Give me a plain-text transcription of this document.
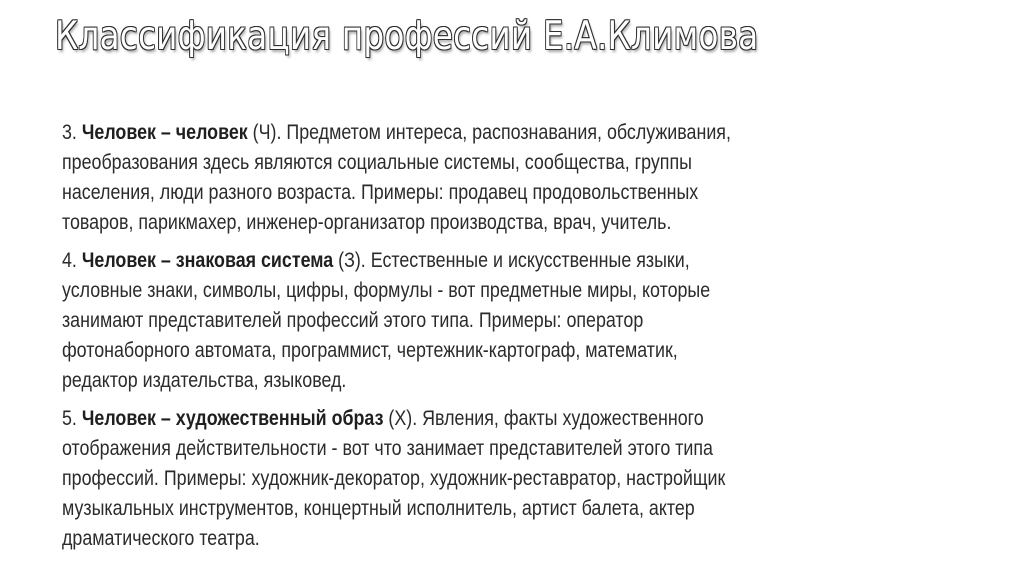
Классификация профессий Е.А.Климова

3. Человек – человек (Ч). Предметом интереса, распознавания, обслуживания,
преобразования здесь являются социальные системы, сообщества, группы
населения, люди разного возраста. Примеры: продавец продовольственных
товаров, парикмахер, инженер-организатор производства, врач, учитель.

4. Человек – знаковая система (З). Естественные и искусственные языки,
условные знаки, символы, цифры, формулы - вот предметные миры, которые
занимают представителей профессий этого типа. Примеры: оператор
фотонаборного автомата, программист, чертежник-картограф, математик,
редактор издательства, языковед.

5. Человек – художественный образ (Х). Явления, факты художественного
отображения действительности - вот что занимает представителей этого типа
профессий. Примеры: художник-декоратор, художник-реставратор, настройщик
музыкальных инструментов, концертный исполнитель, артист балета, актер
драматического театра.
